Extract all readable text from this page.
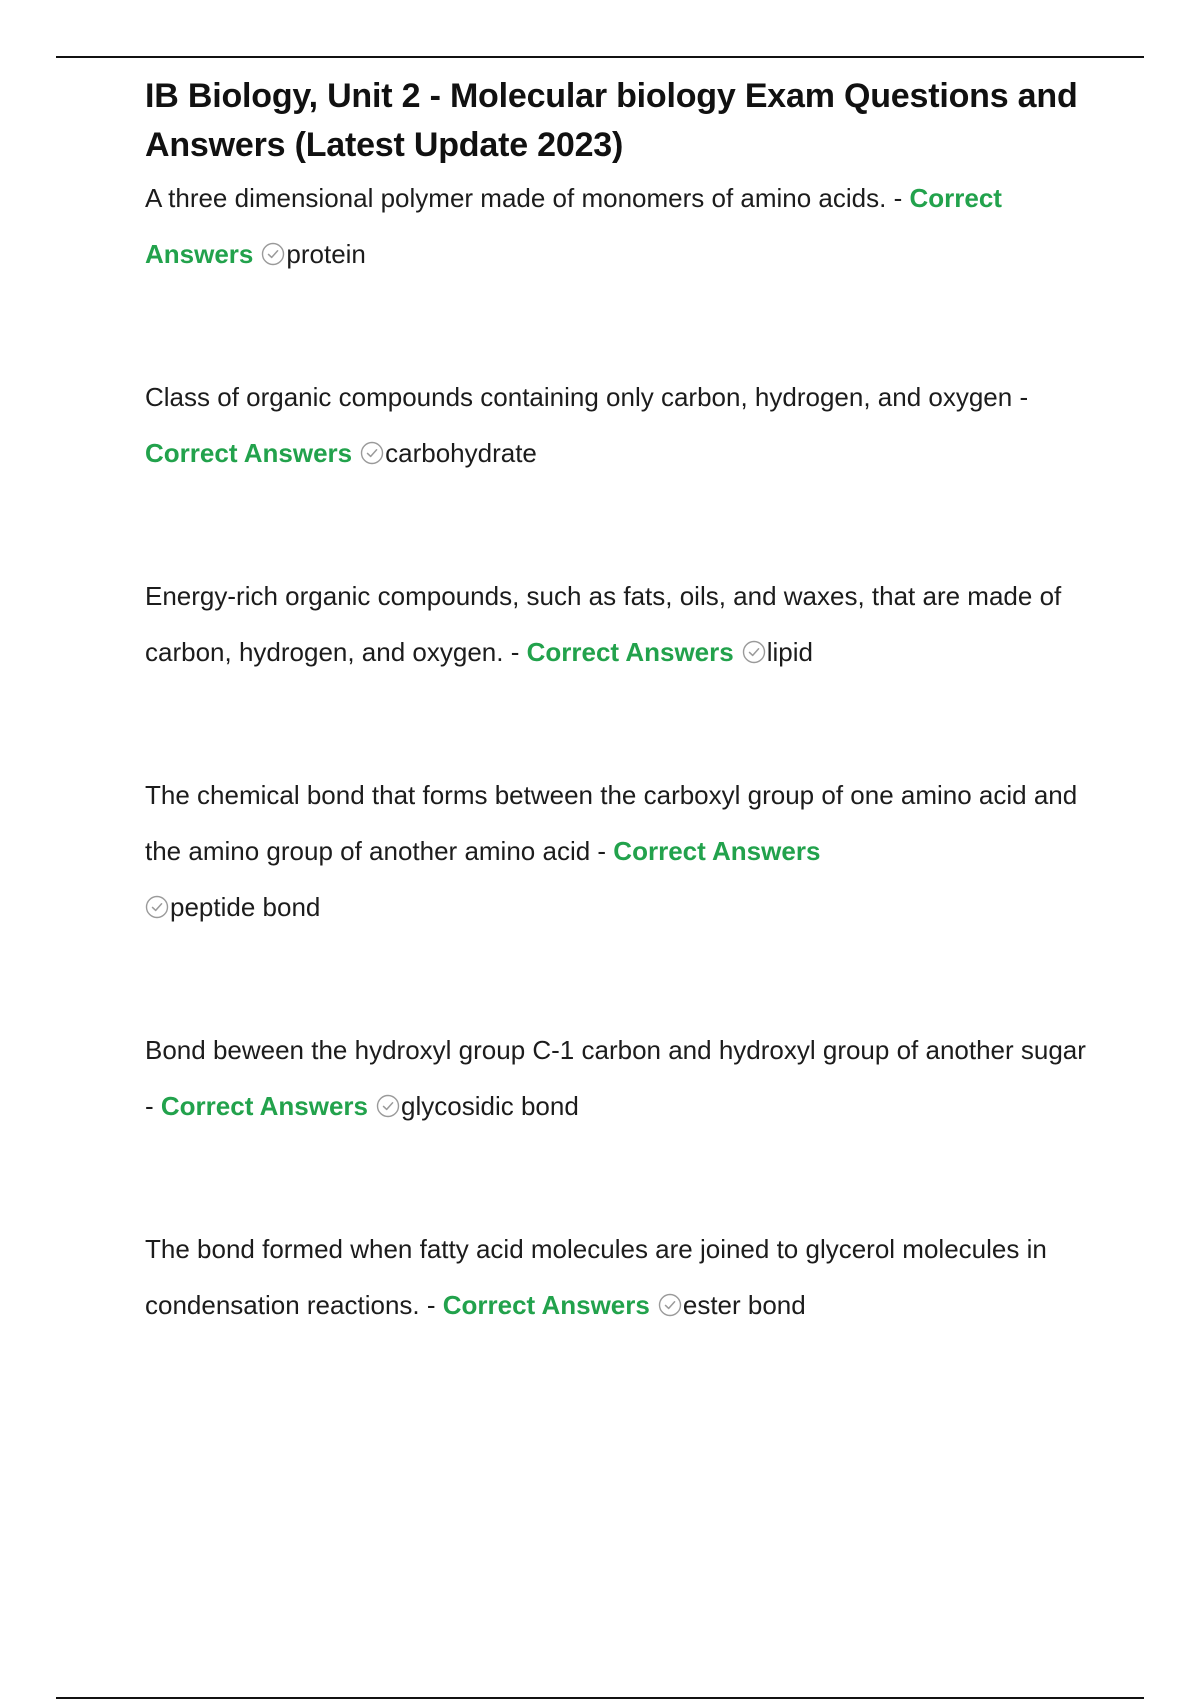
IB Biology, Unit 2 - Molecular biology Exam Questions and Answers (Latest Update 2023)

A three dimensional polymer made of monomers of amino acids. - Correct Answers protein

Class of organic compounds containing only carbon, hydrogen, and oxygen - Correct Answers carbohydrate

Energy-rich organic compounds, such as fats, oils, and waxes, that are made of carbon, hydrogen, and oxygen. - Correct Answers lipid

The chemical bond that forms between the carboxyl group of one amino acid and the amino group of another amino acid - Correct Answers
peptide bond

Bond beween the hydroxyl group C-1 carbon and hydroxyl group of another sugar - Correct Answers glycosidic bond

The bond formed when fatty acid molecules are joined to glycerol molecules in condensation reactions. - Correct Answers ester bond
